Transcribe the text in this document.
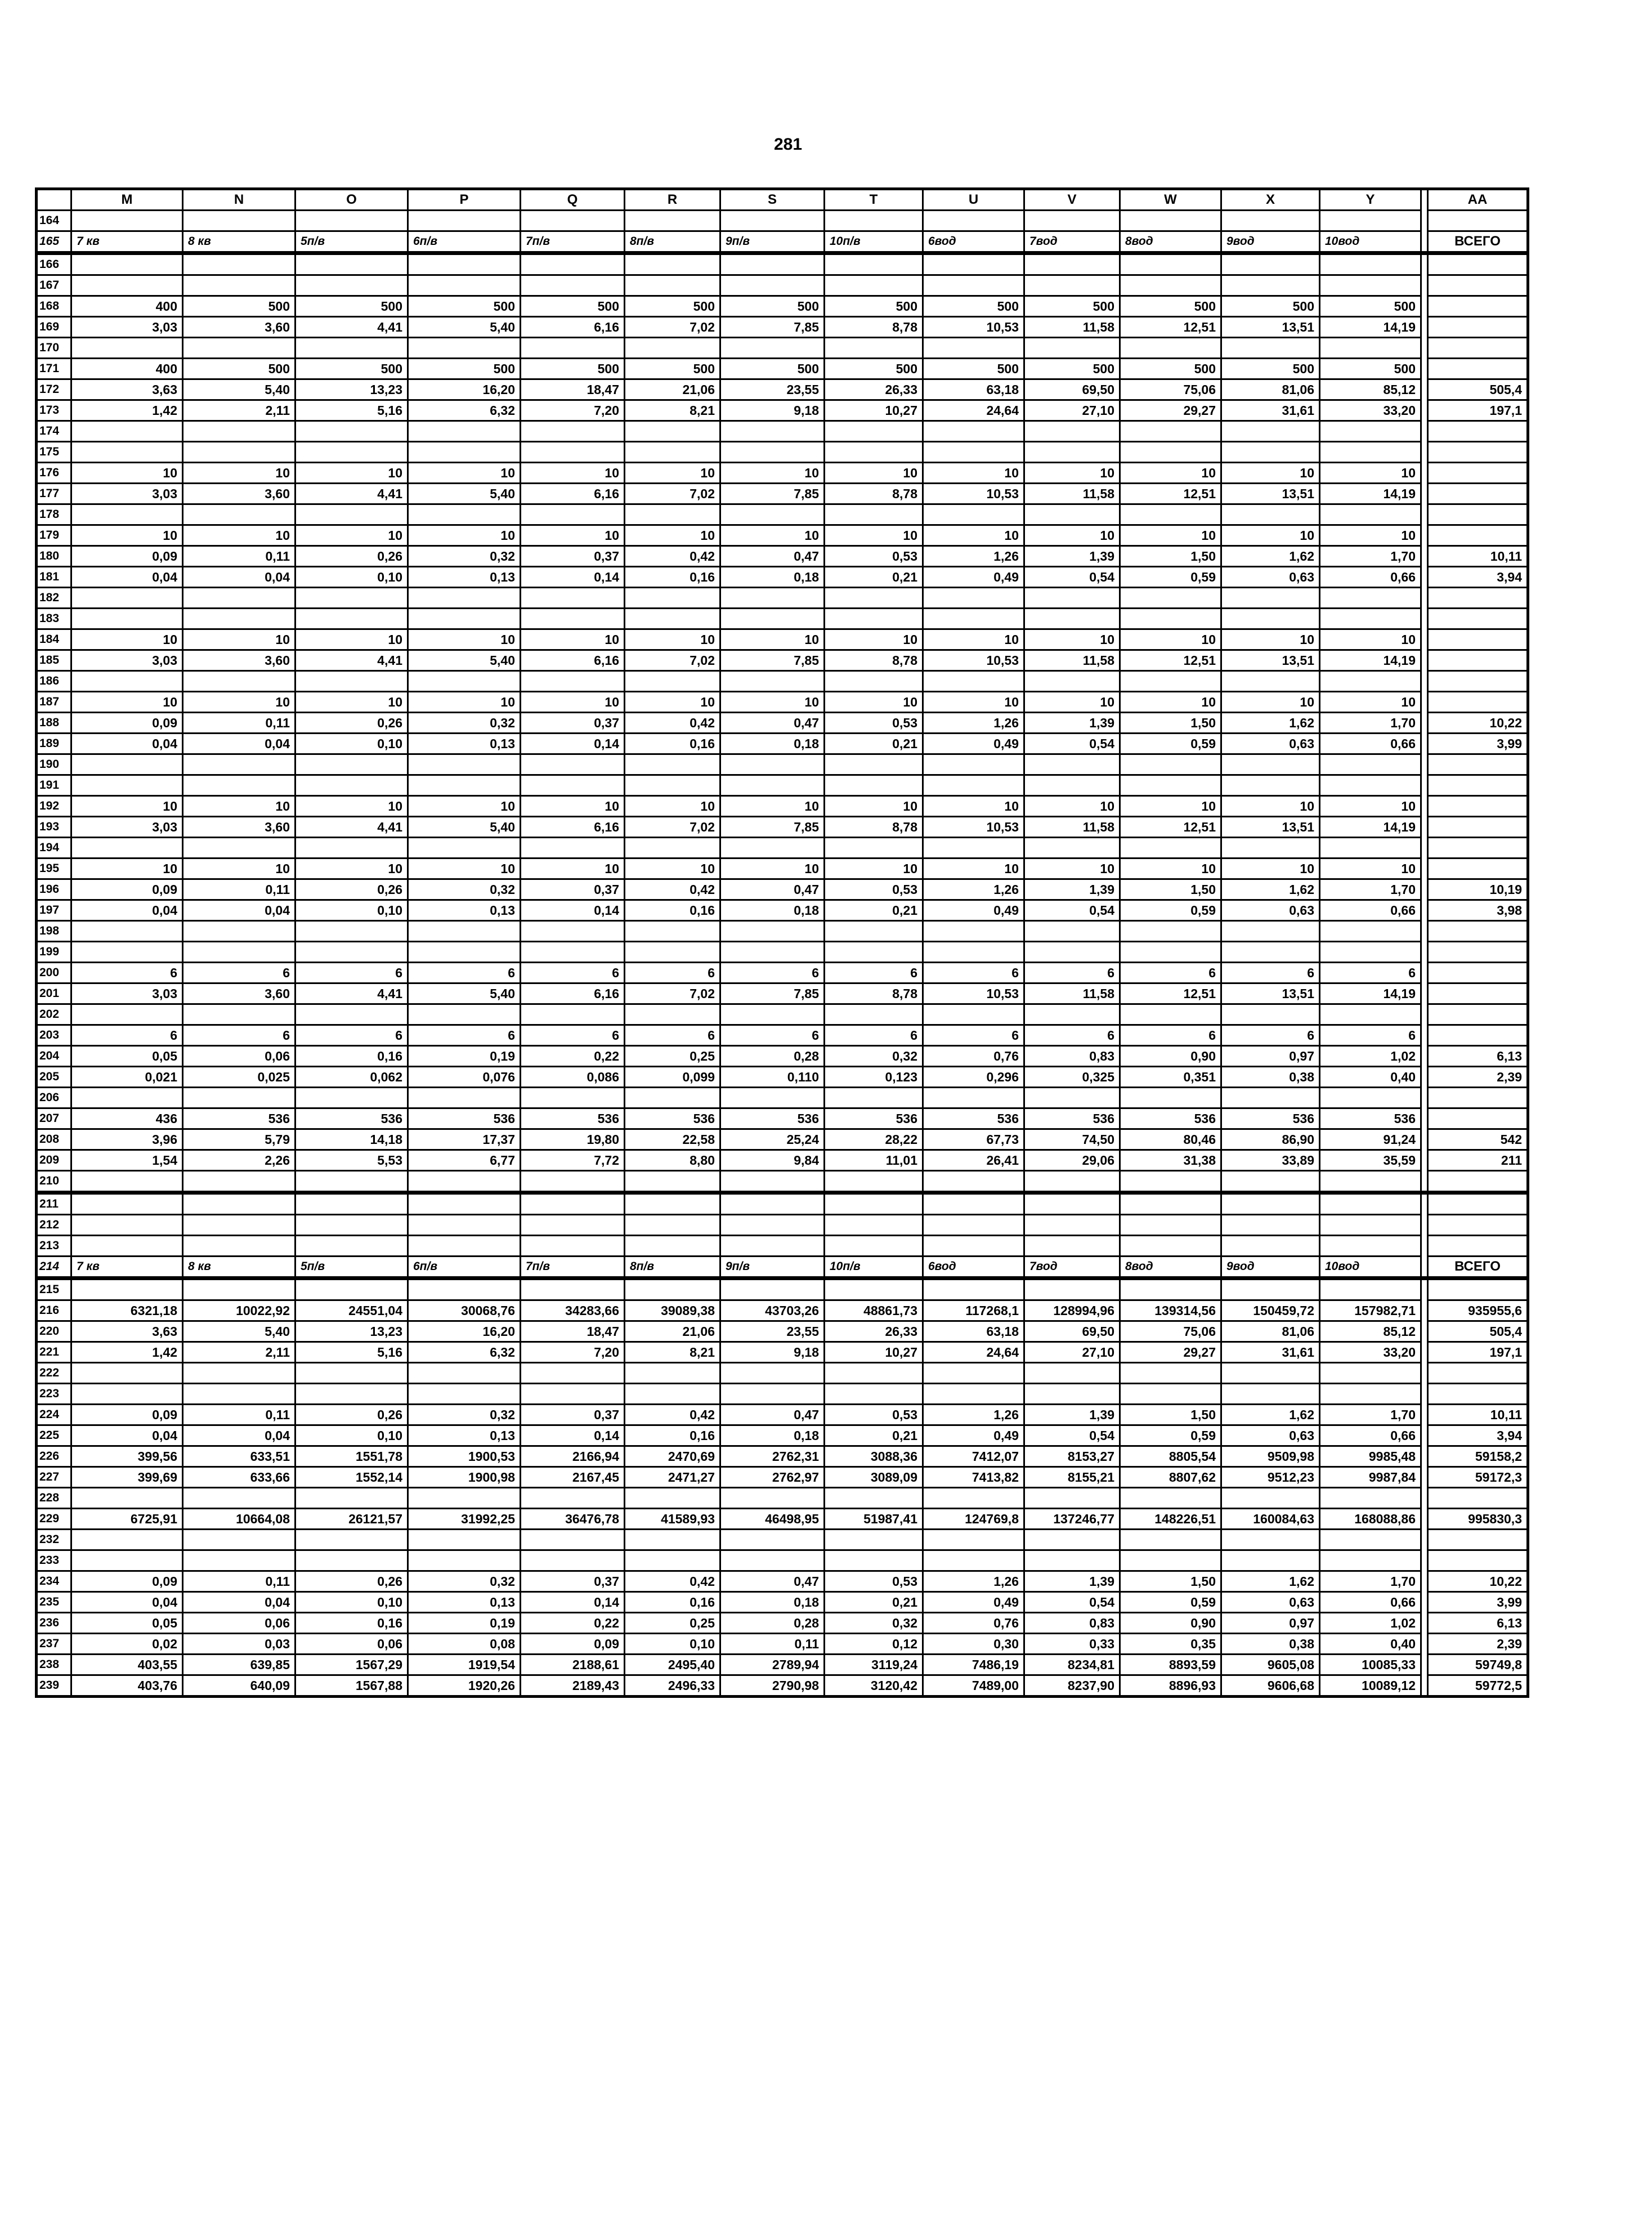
281
	M	N	O	P	Q	R	S	T	U	V	W	X	Y		AA
164															
165	7 кв	8 кв	5п/в	6п/в	7п/в	8п/в	9п/в	10п/в	6вод	7вод	8вод	9вод	10вод		ВСЕГО
166															
167															
168	400	500	500	500	500	500	500	500	500	500	500	500	500		
169	3,03	3,60	4,41	5,40	6,16	7,02	7,85	8,78	10,53	11,58	12,51	13,51	14,19		
170															
171	400	500	500	500	500	500	500	500	500	500	500	500	500		
172	3,63	5,40	13,23	16,20	18,47	21,06	23,55	26,33	63,18	69,50	75,06	81,06	85,12		505,4
173	1,42	2,11	5,16	6,32	7,20	8,21	9,18	10,27	24,64	27,10	29,27	31,61	33,20		197,1
174															
175															
176	10	10	10	10	10	10	10	10	10	10	10	10	10		
177	3,03	3,60	4,41	5,40	6,16	7,02	7,85	8,78	10,53	11,58	12,51	13,51	14,19		
178															
179	10	10	10	10	10	10	10	10	10	10	10	10	10		
180	0,09	0,11	0,26	0,32	0,37	0,42	0,47	0,53	1,26	1,39	1,50	1,62	1,70		10,11
181	0,04	0,04	0,10	0,13	0,14	0,16	0,18	0,21	0,49	0,54	0,59	0,63	0,66		3,94
182															
183															
184	10	10	10	10	10	10	10	10	10	10	10	10	10		
185	3,03	3,60	4,41	5,40	6,16	7,02	7,85	8,78	10,53	11,58	12,51	13,51	14,19		
186															
187	10	10	10	10	10	10	10	10	10	10	10	10	10		
188	0,09	0,11	0,26	0,32	0,37	0,42	0,47	0,53	1,26	1,39	1,50	1,62	1,70		10,22
189	0,04	0,04	0,10	0,13	0,14	0,16	0,18	0,21	0,49	0,54	0,59	0,63	0,66		3,99
190															
191															
192	10	10	10	10	10	10	10	10	10	10	10	10	10		
193	3,03	3,60	4,41	5,40	6,16	7,02	7,85	8,78	10,53	11,58	12,51	13,51	14,19		
194															
195	10	10	10	10	10	10	10	10	10	10	10	10	10		
196	0,09	0,11	0,26	0,32	0,37	0,42	0,47	0,53	1,26	1,39	1,50	1,62	1,70		10,19
197	0,04	0,04	0,10	0,13	0,14	0,16	0,18	0,21	0,49	0,54	0,59	0,63	0,66		3,98
198															
199															
200	6	6	6	6	6	6	6	6	6	6	6	6	6		
201	3,03	3,60	4,41	5,40	6,16	7,02	7,85	8,78	10,53	11,58	12,51	13,51	14,19		
202															
203	6	6	6	6	6	6	6	6	6	6	6	6	6		
204	0,05	0,06	0,16	0,19	0,22	0,25	0,28	0,32	0,76	0,83	0,90	0,97	1,02		6,13
205	0,021	0,025	0,062	0,076	0,086	0,099	0,110	0,123	0,296	0,325	0,351	0,38	0,40		2,39
206															
207	436	536	536	536	536	536	536	536	536	536	536	536	536		
208	3,96	5,79	14,18	17,37	19,80	22,58	25,24	28,22	67,73	74,50	80,46	86,90	91,24		542
209	1,54	2,26	5,53	6,77	7,72	8,80	9,84	11,01	26,41	29,06	31,38	33,89	35,59		211
210															
211															
212															
213															
214	7 кв	8 кв	5п/в	6п/в	7п/в	8п/в	9п/в	10п/в	6вод	7вод	8вод	9вод	10вод		ВСЕГО
215															
216	6321,18	10022,92	24551,04	30068,76	34283,66	39089,38	43703,26	48861,73	117268,1	128994,96	139314,56	150459,72	157982,71		935955,6
220	3,63	5,40	13,23	16,20	18,47	21,06	23,55	26,33	63,18	69,50	75,06	81,06	85,12		505,4
221	1,42	2,11	5,16	6,32	7,20	8,21	9,18	10,27	24,64	27,10	29,27	31,61	33,20		197,1
222															
223															
224	0,09	0,11	0,26	0,32	0,37	0,42	0,47	0,53	1,26	1,39	1,50	1,62	1,70		10,11
225	0,04	0,04	0,10	0,13	0,14	0,16	0,18	0,21	0,49	0,54	0,59	0,63	0,66		3,94
226	399,56	633,51	1551,78	1900,53	2166,94	2470,69	2762,31	3088,36	7412,07	8153,27	8805,54	9509,98	9985,48		59158,2
227	399,69	633,66	1552,14	1900,98	2167,45	2471,27	2762,97	3089,09	7413,82	8155,21	8807,62	9512,23	9987,84		59172,3
228															
229	6725,91	10664,08	26121,57	31992,25	36476,78	41589,93	46498,95	51987,41	124769,8	137246,77	148226,51	160084,63	168088,86		995830,3
232															
233															
234	0,09	0,11	0,26	0,32	0,37	0,42	0,47	0,53	1,26	1,39	1,50	1,62	1,70		10,22
235	0,04	0,04	0,10	0,13	0,14	0,16	0,18	0,21	0,49	0,54	0,59	0,63	0,66		3,99
236	0,05	0,06	0,16	0,19	0,22	0,25	0,28	0,32	0,76	0,83	0,90	0,97	1,02		6,13
237	0,02	0,03	0,06	0,08	0,09	0,10	0,11	0,12	0,30	0,33	0,35	0,38	0,40		2,39
238	403,55	639,85	1567,29	1919,54	2188,61	2495,40	2789,94	3119,24	7486,19	8234,81	8893,59	9605,08	10085,33		59749,8
239	403,76	640,09	1567,88	1920,26	2189,43	2496,33	2790,98	3120,42	7489,00	8237,90	8896,93	9606,68	10089,12		59772,5
